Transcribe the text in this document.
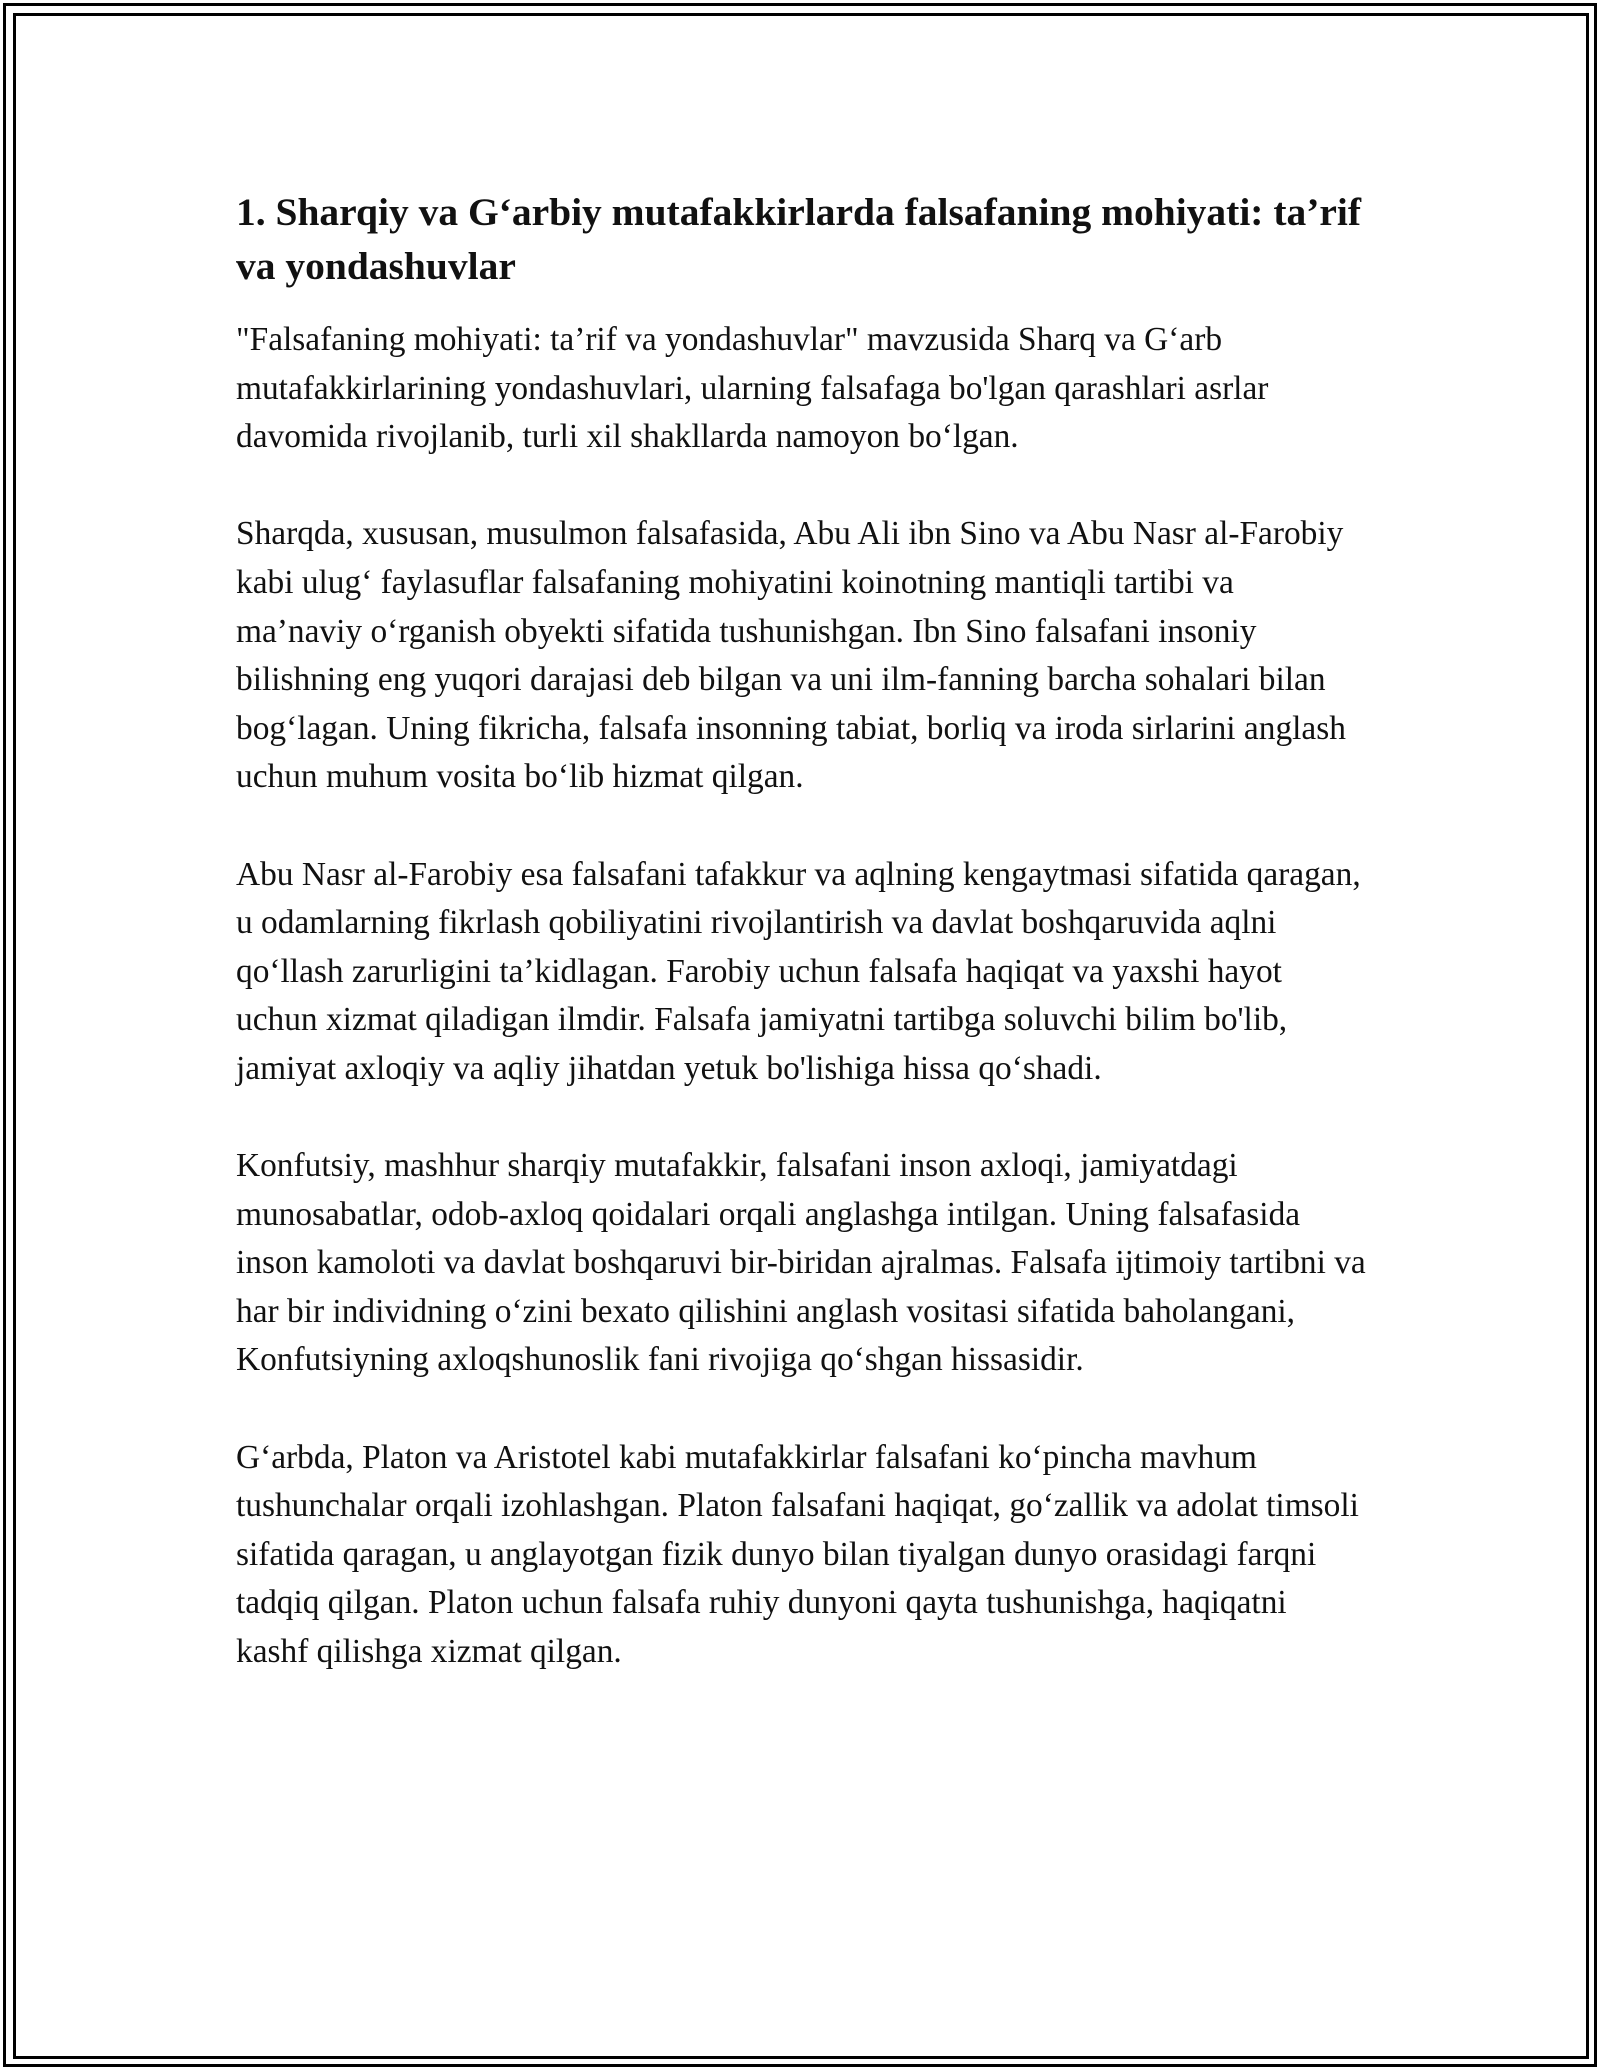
1. Sharqiy va G‘arbiy mutafakkirlarda falsafaning mohiyati: ta’rif va yondashuvlar

"Falsafaning mohiyati: ta’rif va yondashuvlar" mavzusida Sharq va G‘arb mutafakkirlarining yondashuvlari, ularning falsafaga bo'lgan qarashlari asrlar davomida rivojlanib, turli xil shakllarda namoyon bo‘lgan.

Sharqda, xususan, musulmon falsafasida, Abu Ali ibn Sino va Abu Nasr al-Farobiy kabi ulug‘ faylasuflar falsafaning mohiyatini koinotning mantiqli tartibi va ma’naviy o‘rganish obyekti sifatida tushunishgan. Ibn Sino falsafani insoniy bilishning eng yuqori darajasi deb bilgan va uni ilm-fanning barcha sohalari bilan bog‘lagan. Uning fikricha, falsafa insonning tabiat, borliq va iroda sirlarini anglash uchun muhum vosita bo‘lib hizmat qilgan.

Abu Nasr al-Farobiy esa falsafani tafakkur va aqlning kengaytmasi sifatida qaragan, u odamlarning fikrlash qobiliyatini rivojlantirish va davlat boshqaruvida aqlni qo‘llash zarurligini ta’kidlagan. Farobiy uchun falsafa haqiqat va yaxshi hayot uchun xizmat qiladigan ilmdir. Falsafa jamiyatni tartibga soluvchi bilim bo'lib, jamiyat axloqiy va aqliy jihatdan yetuk bo'lishiga hissa qo‘shadi.

Konfutsiy, mashhur sharqiy mutafakkir, falsafani inson axloqi, jamiyatdagi munosabatlar, odob-axloq qoidalari orqali anglashga intilgan. Uning falsafasida inson kamoloti va davlat boshqaruvi bir-biridan ajralmas. Falsafa ijtimoiy tartibni va har bir individning o‘zini bexato qilishini anglash vositasi sifatida baholangani, Konfutsiyning axloqshunoslik fani rivojiga qo‘shgan hissasidir.

G‘arbda, Platon va Aristotel kabi mutafakkirlar falsafani ko‘pincha mavhum tushunchalar orqali izohlashgan. Platon falsafani haqiqat, go‘zallik va adolat timsoli sifatida qaragan, u anglayotgan fizik dunyo bilan tiyalgan dunyo orasidagi farqni tadqiq qilgan. Platon uchun falsafa ruhiy dunyoni qayta tushunishga, haqiqatni kashf qilishga xizmat qilgan.
